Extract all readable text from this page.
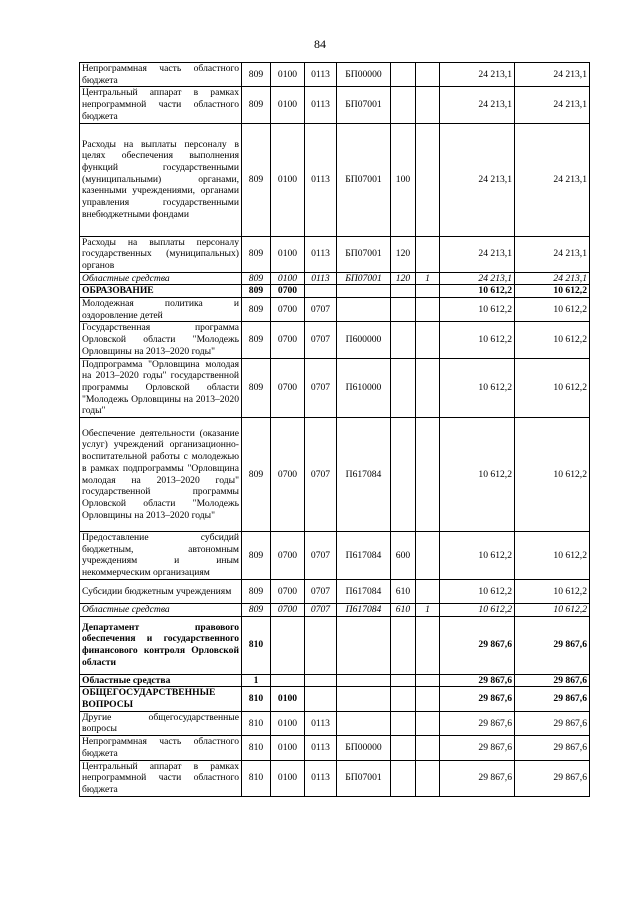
84
Непрограммная часть областного бюджета	809	0100	0113	БП00000			24 213,1	24 213,1
Центральный аппарат в рамках непрограммной части областного бюджета	809	0100	0113	БП07001			24 213,1	24 213,1
Расходы на выплаты персоналу в целях обеспечения выполнения функций государственными (муниципальными) органами, казенными учреждениями, органами управления государственными внебюджетными фондами	809	0100	0113	БП07001	100		24 213,1	24 213,1
Расходы на выплаты персоналу государственных (муниципальных) органов	809	0100	0113	БП07001	120		24 213,1	24 213,1
Областные средства	809	0100	0113	БП07001	120	1	24 213,1	24 213,1
ОБРАЗОВАНИЕ	809	0700					10 612,2	10 612,2
Молодежная политика и оздоровление детей	809	0700	0707				10 612,2	10 612,2
Государственная программа Орловской области "Молодежь Орловщины на 2013–2020 годы"	809	0700	0707	П600000			10 612,2	10 612,2
Подпрограмма "Орловщина молодая на 2013–2020 годы" государственной программы Орловской области "Молодежь Орловщины на 2013–2020 годы"	809	0700	0707	П610000			10 612,2	10 612,2
Обеспечение деятельности (оказание услуг) учреждений организационно-воспитательной работы с молодежью в рамках подпрограммы "Орловщина молодая на 2013–2020 годы" государственной программы Орловской области "Молодежь Орловщины на 2013–2020 годы"	809	0700	0707	П617084			10 612,2	10 612,2
Предоставление субсидий бюджетным, автономным учреждениям и иным некоммерческим организациям	809	0700	0707	П617084	600		10 612,2	10 612,2
Субсидии бюджетным учреждениям	809	0700	0707	П617084	610		10 612,2	10 612,2
Областные средства	809	0700	0707	П617084	610	1	10 612,2	10 612,2
Департамент правового обеспечения и государственного финансового контроля Орловской области	810						29 867,6	29 867,6
Областные средства	1						29 867,6	29 867,6
ОБЩЕГОСУДАРСТВЕННЫЕ ВОПРОСЫ	810	0100					29 867,6	29 867,6
Другие общегосударственные вопросы	810	0100	0113				29 867,6	29 867,6
Непрограммная часть областного бюджета	810	0100	0113	БП00000			29 867,6	29 867,6
Центральный аппарат в рамках непрограммной части областного бюджета	810	0100	0113	БП07001			29 867,6	29 867,6
